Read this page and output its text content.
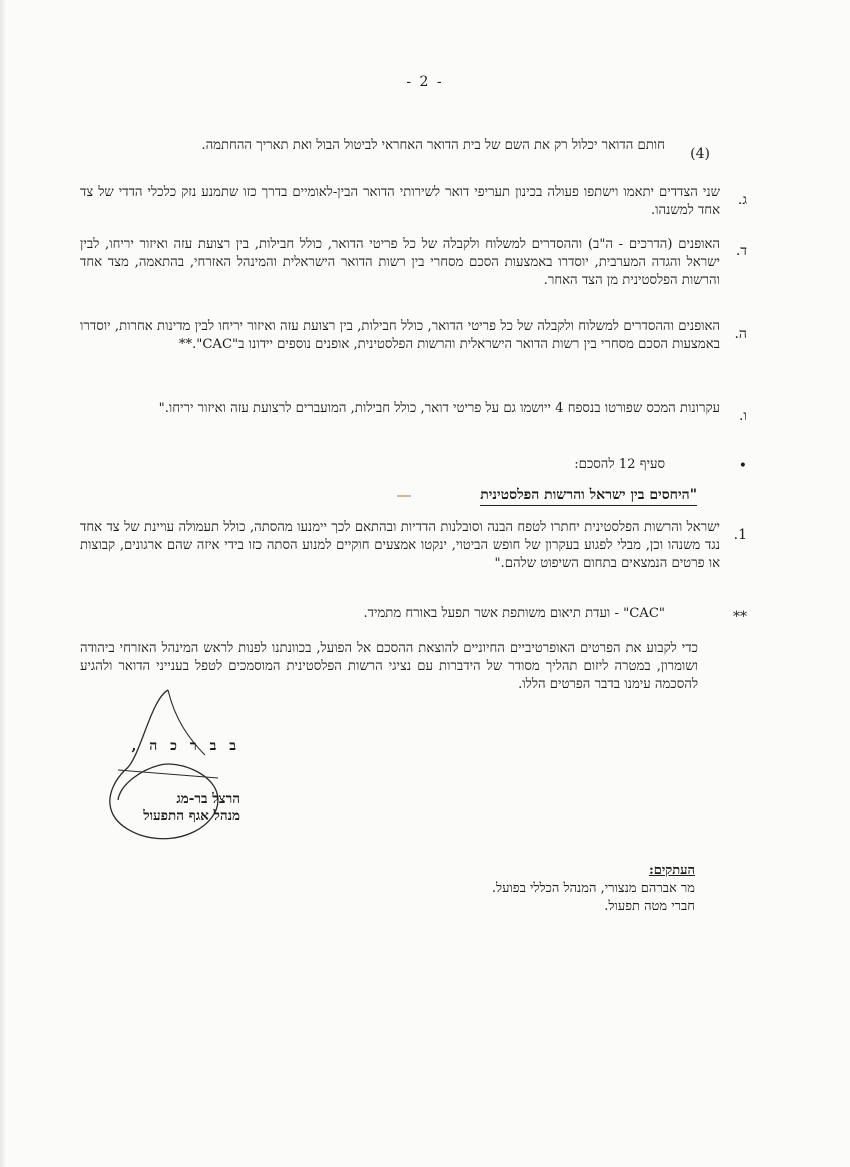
- 2 -
(4)
חותם הדואר יכלול רק את השם של בית הדואר האחראי לביטול הבול ואת תאריך ההחתמה.
ג.
שני הצדדים יתאמו וישתפו פעולה בכינון תעריפי דואר לשירותי הדואר הבין-לאומיים בדרך כזו שתמנע נזק כלכלי הדדי של צד אחד למשנהו.
ד.
האופנים (הדרכים - ה"ב) וההסדרים למשלוח ולקבלה של כל פריטי הדואר, כולל חבילות, בין רצועת עזה ואיזור יריחו, לבין ישראל והגדה המערבית, יוסדרו באמצעות הסכם מסחרי בין רשות הדואר הישראלית והמינהל האזרחי, בהתאמה, מצד אחד והרשות הפלסטינית מן הצד האחר.
ה.
האופנים וההסדרים למשלוח ולקבלה של כל פריטי הדואר, כולל חבילות, בין רצועת עזה ואיזור יריחו לבין מדינות אחרות, יוסדרו באמצעות הסכם מסחרי בין רשות הדואר הישראלית והרשות הפלסטינית, אופנים נוספים יידונו ב"CAC".**
ו.
עקרונות המכס שפורטו בנספח 4 ייושמו גם על פריטי דואר, כולל חבילות, המועברים לרצועת עזה ואיזור יריחו."
•
סעיף 12 להסכם:
"היחסים בין ישראל והרשות הפלסטינית
1.
ישראל והרשות הפלסטינית יחתרו לטפח הבנה וסובלנות הדדיות ובהתאם לכך יימנעו מהסתה, כולל תעמולה עויינת של צד אחד נגד משנהו וכן, מבלי לפגוע בעקרון של חופש הביטוי, ינקטו אמצעים חוקיים למנוע הסתה כזו בידי איזה שהם ארגונים, קבוצות או פרטים הנמצאים בתחום השיפוט שלהם."
**
"CAC" - ועדת תיאום משותפת אשר תפעל באורח מתמיד.
כדי לקבוע את הפרטים האופרטיביים החיוניים להוצאת ההסכם אל הפועל, בכוונתנו לפנות לראש המינהל האזרחי ביהודה ושומרון, במטרה ליזום תהליך מסודר של הידברות עם נציגי הרשות הפלסטינית המוסמכים לטפל בענייני הדואר ולהגיע להסכמה עימנו בדבר הפרטים הללו.
ב ב ר כ ה ,
הרצל בר-מג
מנהל אגף התפעול
העתקים:
מר אברהם מנצורי, המנהל הכללי בפועל.
חברי מטה תפעול.
